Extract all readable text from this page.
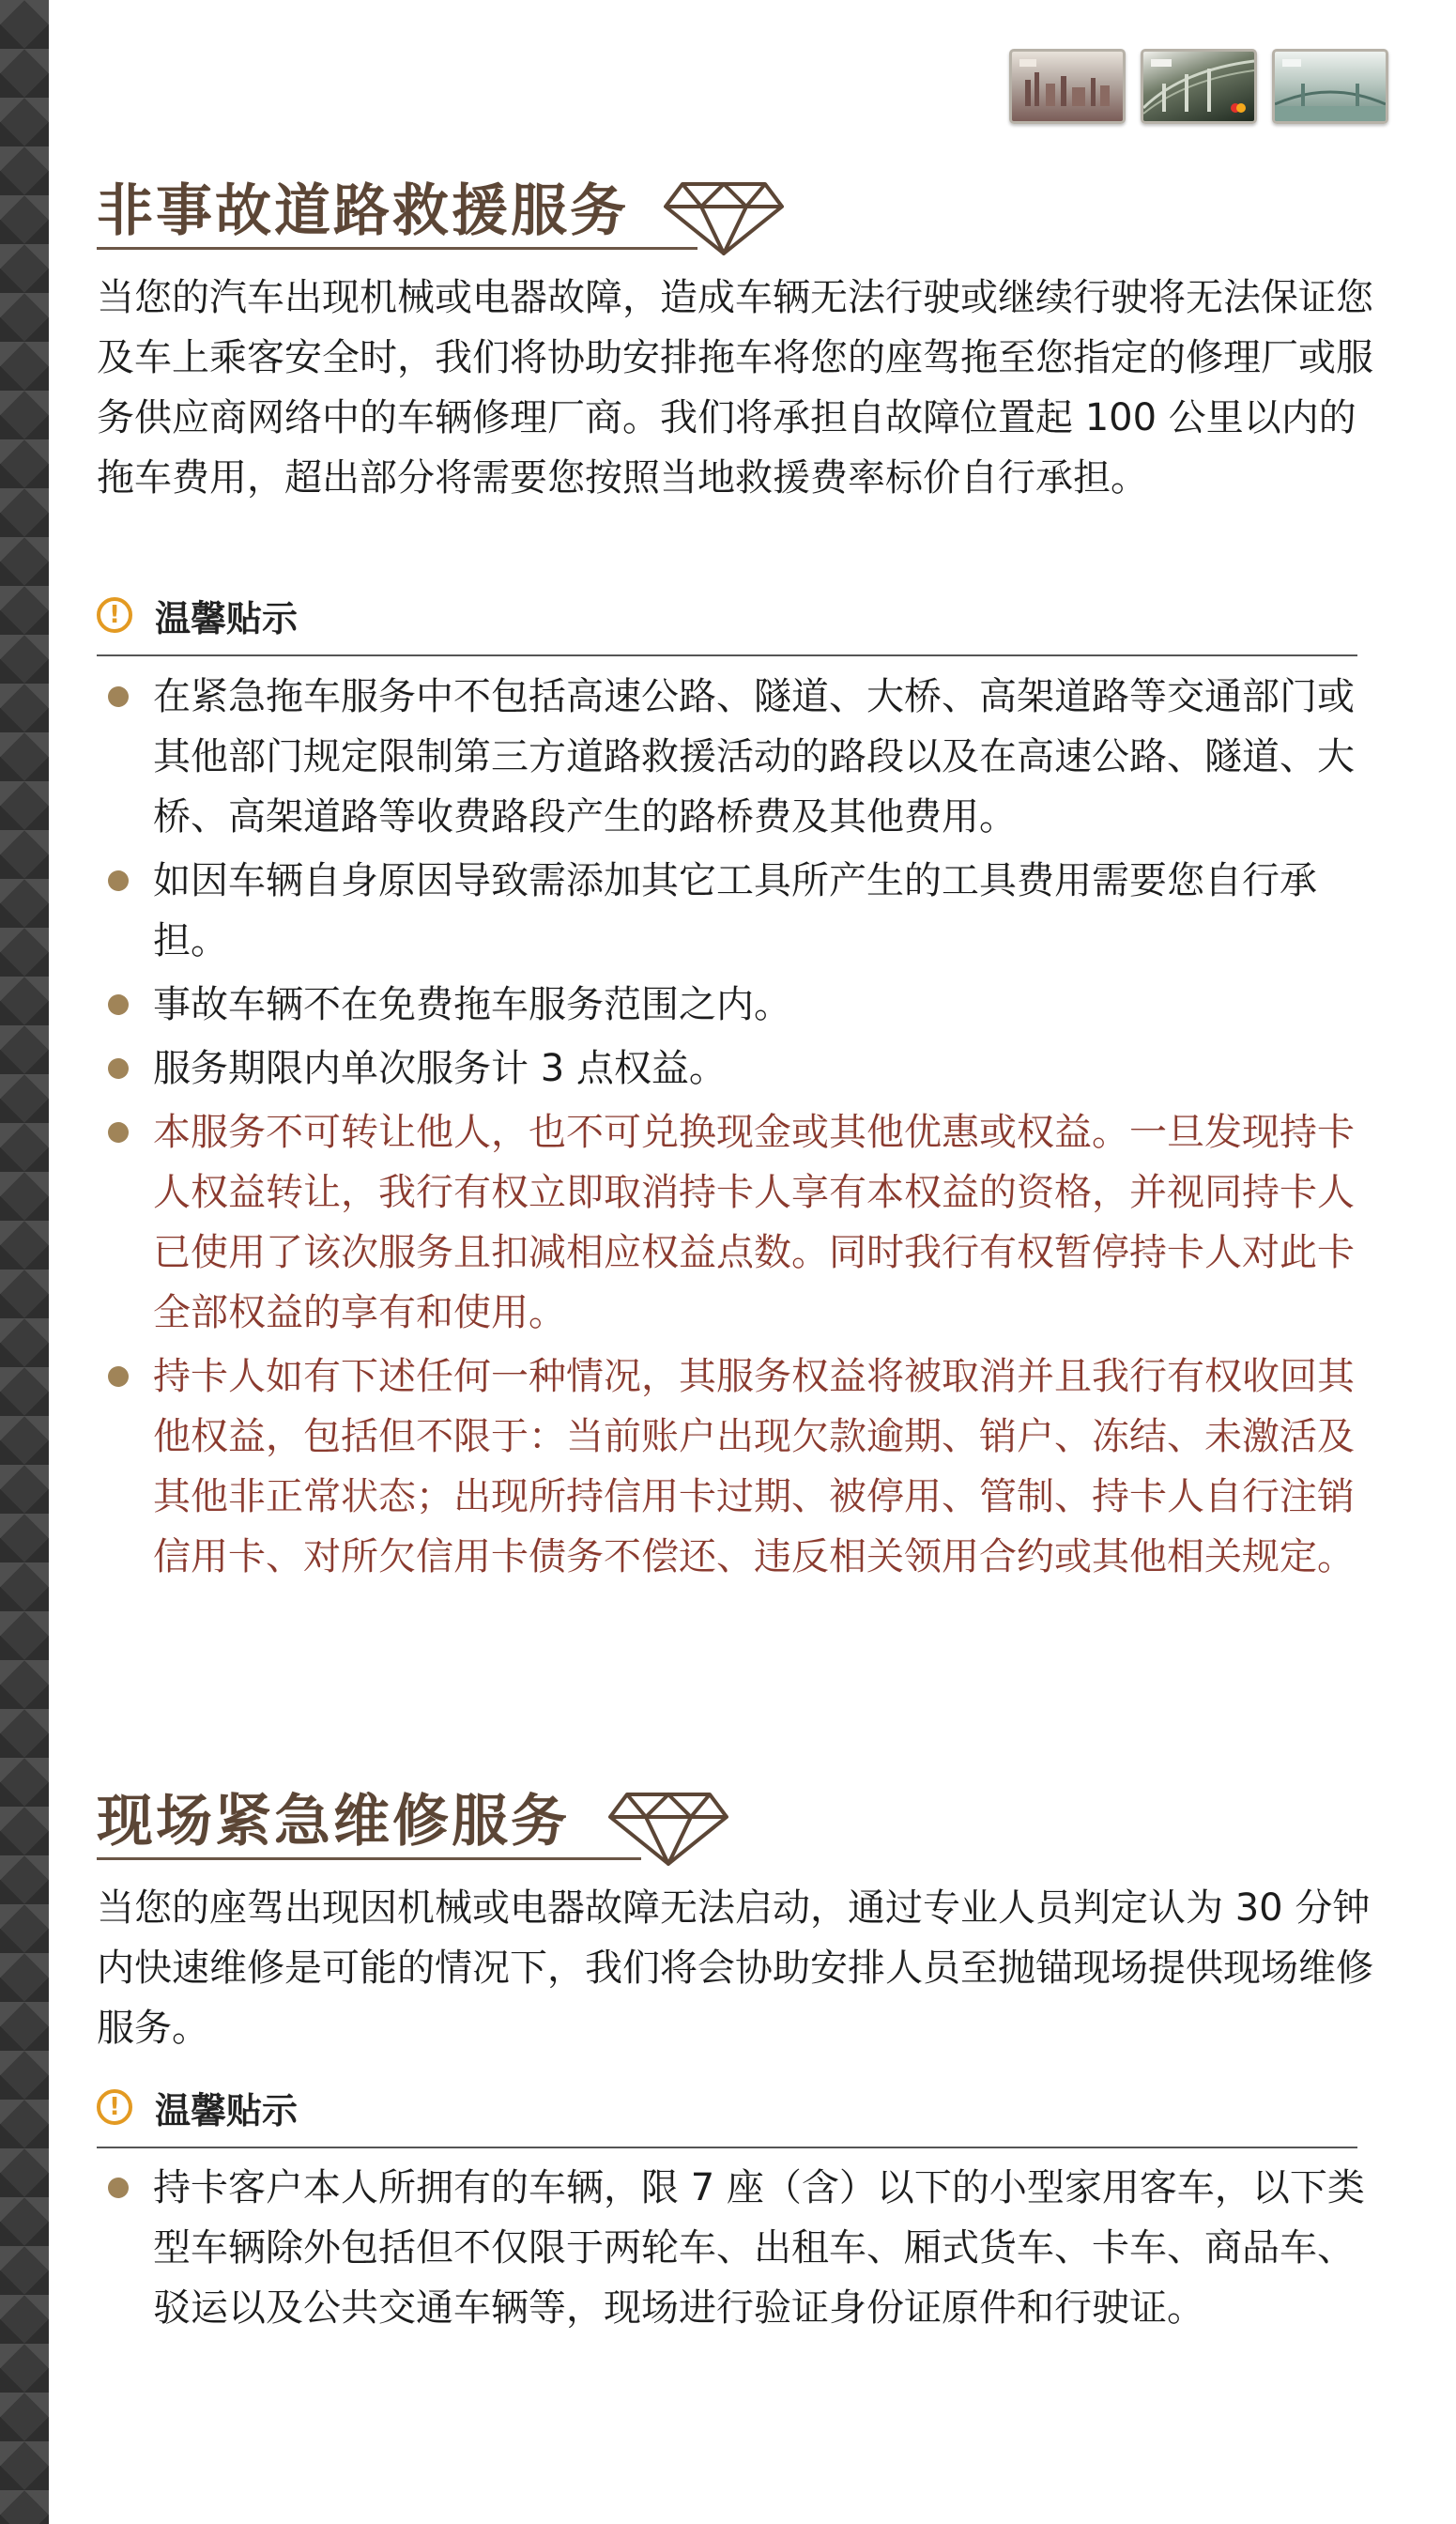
非事故道路救援服务
当您的汽车出现机械或电器故障，造成车辆无法行驶或继续行驶将无法保证您及车上乘客安全时，我们将协助安排拖车将您的座驾拖至您指定的修理厂或服务供应商网络中的车辆修理厂商。我们将承担自故障位置起 100 公里以内的拖车费用，超出部分将需要您按照当地救援费率标价自行承担。
! 温馨贴示
在紧急拖车服务中不包括高速公路、隧道、大桥、高架道路等交通部门或其他部门规定限制第三方道路救援活动的路段以及在高速公路、隧道、大桥、高架道路等收费路段产生的路桥费及其他费用。
如因车辆自身原因导致需添加其它工具所产生的工具费用需要您自行承担。
事故车辆不在免费拖车服务范围之内。
服务期限内单次服务计 3 点权益。
本服务不可转让他人，也不可兑换现金或其他优惠或权益。一旦发现持卡人权益转让，我行有权立即取消持卡人享有本权益的资格，并视同持卡人已使用了该次服务且扣减相应权益点数。同时我行有权暂停持卡人对此卡全部权益的享有和使用。
持卡人如有下述任何一种情况，其服务权益将被取消并且我行有权收回其他权益，包括但不限于：当前账户出现欠款逾期、销户、冻结、未激活及其他非正常状态；出现所持信用卡过期、被停用、管制、持卡人自行注销信用卡、对所欠信用卡债务不偿还、违反相关领用合约或其他相关规定。
现场紧急维修服务
当您的座驾出现因机械或电器故障无法启动，通过专业人员判定认为 30 分钟内快速维修是可能的情况下，我们将会协助安排人员至抛锚现场提供现场维修服务。
! 温馨贴示
持卡客户本人所拥有的车辆，限 7 座（含）以下的小型家用客车，以下类型车辆除外包括但不仅限于两轮车、出租车、厢式货车、卡车、商品车、驳运以及公共交通车辆等，现场进行验证身份证原件和行驶证。
